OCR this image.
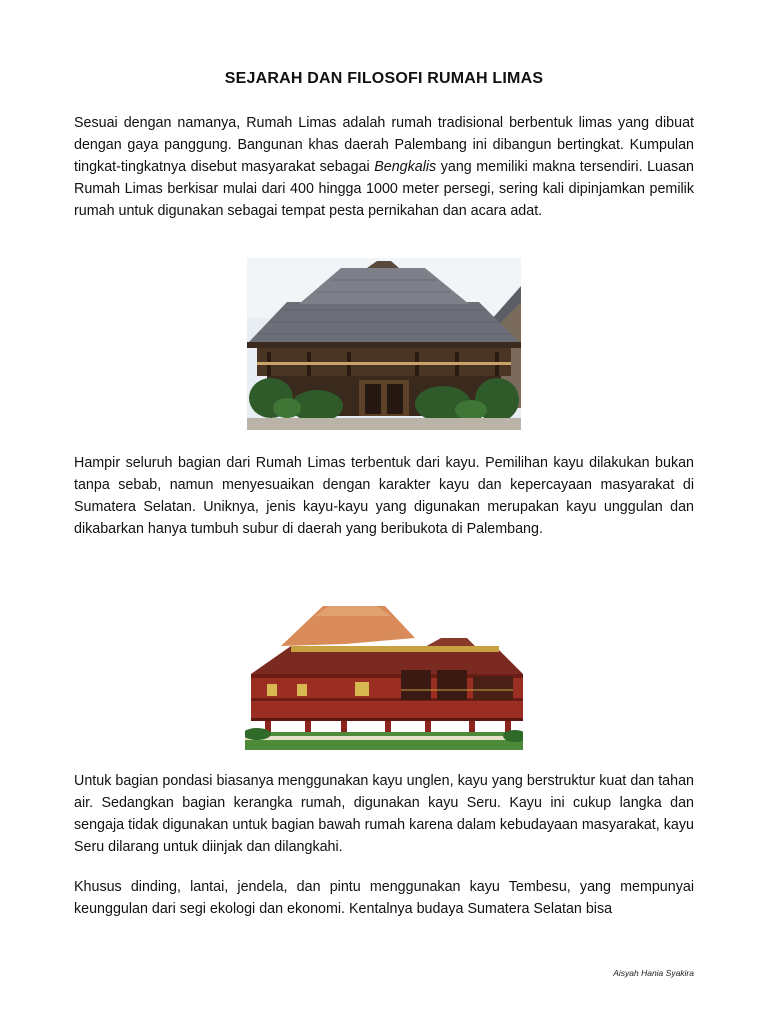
SEJARAH DAN FILOSOFI RUMAH LIMAS
Sesuai dengan namanya, Rumah Limas adalah rumah tradisional berbentuk limas yang dibuat dengan gaya panggung. Bangunan khas daerah Palembang ini dibangun bertingkat. Kumpulan tingkat-tingkatnya disebut masyarakat sebagai Bengkalis yang memiliki makna tersendiri. Luasan Rumah Limas berkisar mulai dari 400 hingga 1000 meter persegi, sering kali dipinjamkan pemilik rumah untuk digunakan sebagai tempat pesta pernikahan dan acara adat.
Hampir seluruh bagian dari Rumah Limas terbentuk dari kayu. Pemilihan kayu dilakukan bukan tanpa sebab, namun menyesuaikan dengan karakter kayu dan kepercayaan masyarakat di Sumatera Selatan. Uniknya, jenis kayu-kayu yang digunakan merupakan kayu unggulan dan dikabarkan hanya tumbuh subur di daerah yang beribukota di Palembang.
Untuk bagian pondasi biasanya menggunakan kayu unglen, kayu yang berstruktur kuat dan tahan air. Sedangkan bagian kerangka rumah, digunakan kayu Seru. Kayu ini cukup langka dan sengaja tidak digunakan untuk bagian bawah rumah karena dalam kebudayaan masyarakat, kayu Seru dilarang untuk diinjak dan dilangkahi.
Khusus dinding, lantai, jendela, dan pintu menggunakan kayu Tembesu, yang mempunyai keunggulan dari segi ekologi dan ekonomi. Kentalnya budaya Sumatera Selatan bisa
Aisyah Hania Syakira
